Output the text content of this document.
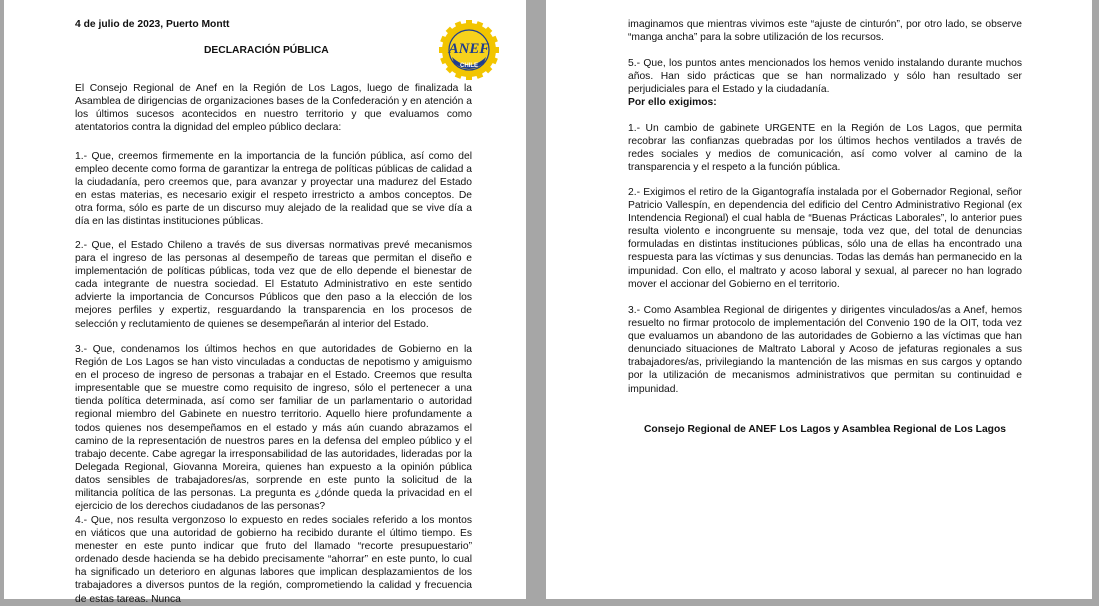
4 de julio de 2023, Puerto Montt
DECLARACIÓN PÚBLICA	ANEF
CHILE

El Consejo Regional de Anef en la Región de Los Lagos, luego de finalizada la Asamblea de dirigencias de organizaciones bases de la Confederación y en atención a los últimos sucesos acontecidos en nuestro territorio y que evaluamos como atentatorios contra la dignidad del empleo público declara:

1.- Que, creemos firmemente en la importancia de la función pública, así como del empleo decente como forma de garantizar la entrega de políticas públicas de calidad a la ciudadanía, pero creemos que, para avanzar y proyectar una madurez del Estado en estas materias, es necesario exigir el respeto irrestricto a ambos conceptos. De otra forma, sólo es parte de un discurso muy alejado de la realidad que se vive día a día en las distintas instituciones públicas.

2.- Que, el Estado Chileno a través de sus diversas normativas prevé mecanismos para el ingreso de las personas al desempeño de tareas que permitan el diseño e implementación de políticas públicas, toda vez que de ello depende el bienestar de cada integrante de nuestra sociedad. El Estatuto Administrativo en este sentido advierte la importancia de Concursos Públicos que den paso a la elección de los mejores perfiles y expertiz, resguardando la transparencia en los procesos de selección y reclutamiento de quienes se desempeñarán al interior del Estado.

3.- Que, condenamos los últimos hechos en que autoridades de Gobierno en la Región de Los Lagos se han visto vinculadas a conductas de nepotismo y amiguismo en el proceso de ingreso de personas a trabajar en el Estado. Creemos que resulta impresentable que se muestre como requisito de ingreso, sólo el pertenecer a una tienda política determinada, así como ser familiar de un parlamentario o autoridad regional miembro del Gabinete en nuestro territorio. Aquello hiere profundamente a todos quienes nos desempeñamos en el estado y más aún cuando abrazamos el camino de la representación de nuestros pares en la defensa del empleo público y el trabajo decente. Cabe agregar la irresponsabilidad de las autoridades, lideradas por la Delegada Regional, Giovanna Moreira, quienes han expuesto a la opinión pública datos sensibles de trabajadores/as, sorprende en este punto la solicitud de la militancia política de las personas. La pregunta es ¿dónde queda la privacidad en el ejercicio de los derechos ciudadanos de las personas?

4.- Que, nos resulta vergonzoso lo expuesto en redes sociales referido a los montos en viáticos que una autoridad de gobierno ha recibido durante el último tiempo. Es menester en este punto indicar que fruto del llamado “recorte presupuestario” ordenado desde hacienda se ha debido precisamente “ahorrar” en este punto, lo cual ha significado un deterioro en algunas labores que implican desplazamientos de los trabajadores a diversos puntos de la región, comprometiendo la calidad y frecuencia de estas tareas. Nunca

imaginamos que mientras vivimos este “ajuste de cinturón”, por otro lado, se observe “manga ancha” para la sobre utilización de los recursos.

5.- Que, los puntos antes mencionados los hemos venido instalando durante muchos años. Han sido prácticas que se han normalizado y sólo han resultado ser perjudiciales para el Estado y la ciudadanía.

Por ello exigimos:

1.- Un cambio de gabinete URGENTE en la Región de Los Lagos, que permita recobrar las confianzas quebradas por los últimos hechos ventilados a través de redes sociales y medios de comunicación, así como volver al camino de la transparencia y el respeto a la función pública.

2.- Exigimos el retiro de la Gigantografía instalada por el Gobernador Regional, señor Patricio Vallespín, en dependencia del edificio del Centro Administrativo Regional (ex Intendencia Regional) el cual habla de “Buenas Prácticas Laborales”, lo anterior pues resulta violento e incongruente su mensaje, toda vez que, del total de denuncias formuladas en distintas instituciones públicas, sólo una de ellas ha encontrado una respuesta para las víctimas y sus denuncias. Todas las demás han permanecido en la impunidad. Con ello, el maltrato y acoso laboral y sexual, al parecer no han logrado mover el accionar del Gobierno en el territorio.

3.- Como Asamblea Regional de dirigentes y dirigentes vinculados/as a Anef, hemos resuelto no firmar protocolo de implementación del Convenio 190 de la OIT, toda vez que evaluamos un abandono de las autoridades de Gobierno a las víctimas que han denunciado situaciones de Maltrato Laboral y Acoso de jefaturas regionales a sus trabajadores/as, privilegiando la mantención de las mismas en sus cargos y optando por la utilización de mecanismos administrativos que permitan su continuidad e impunidad.

Consejo Regional de ANEF Los Lagos y Asamblea Regional de Los Lagos
